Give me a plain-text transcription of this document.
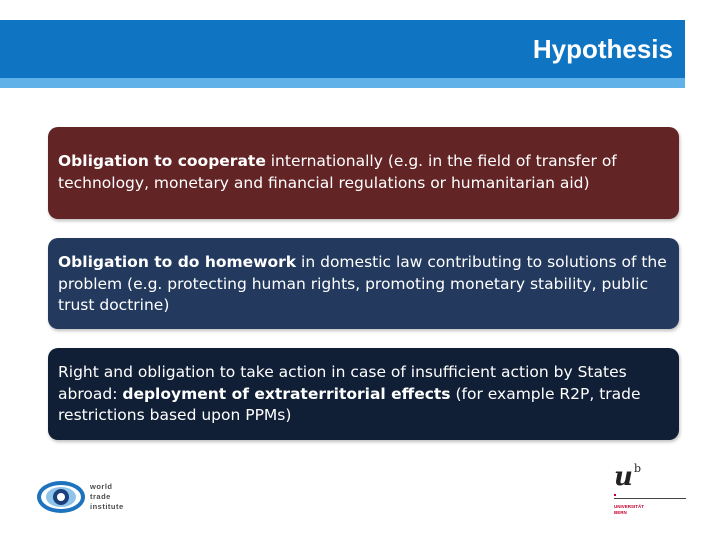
Hypothesis
Obligation to cooperate internationally (e.g. in the field of transfer of technology, monetary and financial regulations or humanitarian aid)
Obligation to do homework in domestic law contributing to solutions of the problem (e.g. protecting human rights, promoting monetary stability, public trust doctrine)
Right and obligation to take action in case of insufficient action by States abroad: deployment of extraterritorial effects (for example R2P, trade restrictions based upon PPMs)
world
trade
institute
u b
UNIVERSITÄT
BERN
